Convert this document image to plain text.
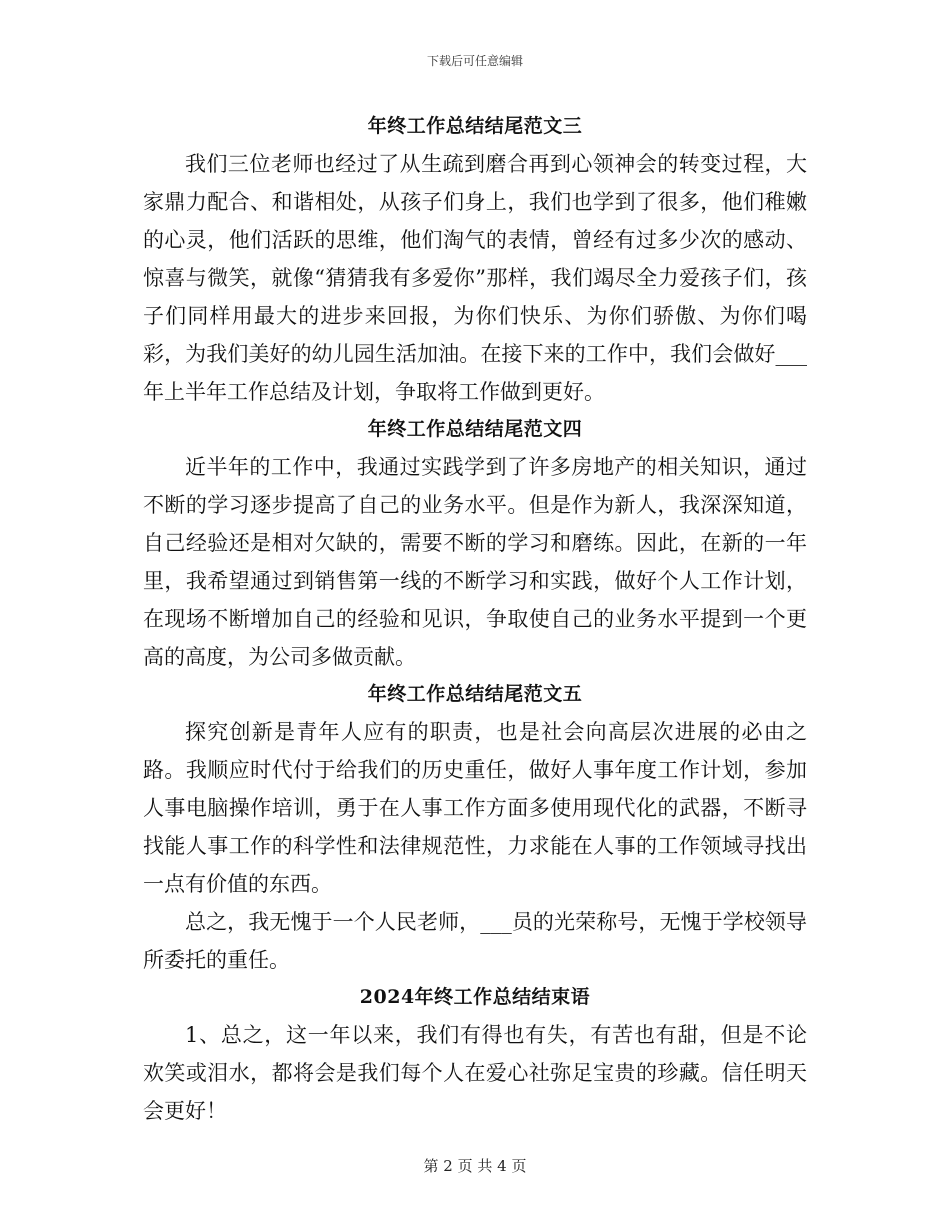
下载后可任意编辑
年终工作总结结尾范文三

我们三位老师也经过了从生疏到磨合再到心领神会的转变过程，大家鼎力配合、和谐相处，从孩子们身上，我们也学到了很多，他们稚嫩的心灵，他们活跃的思维，他们淘气的表情，曾经有过多少次的感动、惊喜与微笑，就像“猜猜我有多爱你”那样，我们竭尽全力爱孩子们，孩子们同样用最大的进步来回报，为你们快乐、为你们骄傲、为你们喝彩，为我们美好的幼儿园生活加油。在接下来的工作中，我们会做好___年上半年工作总结及计划，争取将工作做到更好。

年终工作总结结尾范文四

近半年的工作中，我通过实践学到了许多房地产的相关知识，通过不断的学习逐步提高了自己的业务水平。但是作为新人，我深深知道，自己经验还是相对欠缺的，需要不断的学习和磨练。因此，在新的一年里，我希望通过到销售第一线的不断学习和实践，做好个人工作计划，在现场不断增加自己的经验和见识，争取使自己的业务水平提到一个更高的高度，为公司多做贡献。

年终工作总结结尾范文五

探究创新是青年人应有的职责，也是社会向高层次进展的必由之路。我顺应时代付于给我们的历史重任，做好人事年度工作计划，参加人事电脑操作培训，勇于在人事工作方面多使用现代化的武器，不断寻找能人事工作的科学性和法律规范性，力求能在人事的工作领域寻找出一点有价值的东西。

总之，我无愧于一个人民老师，___员的光荣称号，无愧于学校领导所委托的重任。

2024年终工作总结结束语

1、总之，这一年以来，我们有得也有失，有苦也有甜，但是不论欢笑或泪水，都将会是我们每个人在爱心社弥足宝贵的珍藏。信任明天会更好！

第 2 页 共 4 页
